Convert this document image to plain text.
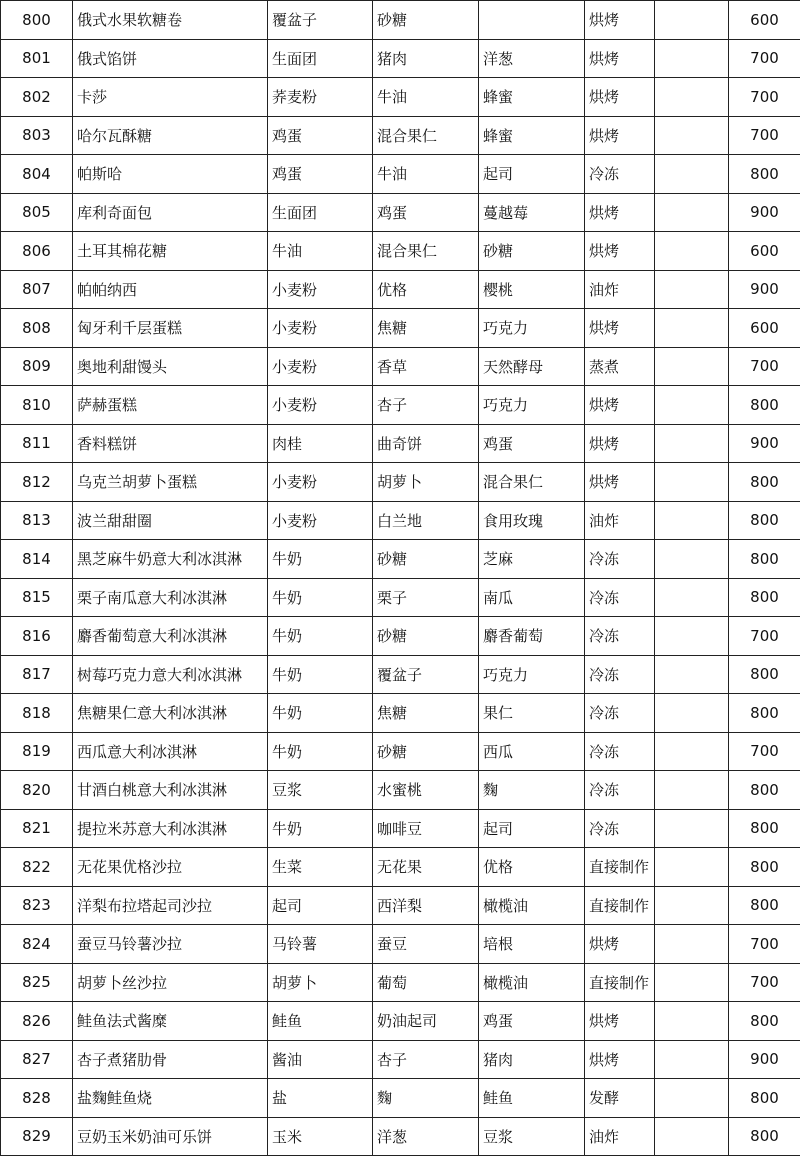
800	俄式水果软糖卷	覆盆子	砂糖		烘烤		600
801	俄式馅饼	生面团	猪肉	洋葱	烘烤		700
802	卡莎	荞麦粉	牛油	蜂蜜	烘烤		700
803	哈尔瓦酥糖	鸡蛋	混合果仁	蜂蜜	烘烤		700
804	帕斯哈	鸡蛋	牛油	起司	冷冻		800
805	库利奇面包	生面团	鸡蛋	蔓越莓	烘烤		900
806	土耳其棉花糖	牛油	混合果仁	砂糖	烘烤		600
807	帕帕纳西	小麦粉	优格	樱桃	油炸		900
808	匈牙利千层蛋糕	小麦粉	焦糖	巧克力	烘烤		600
809	奥地利甜馒头	小麦粉	香草	天然酵母	蒸煮		700
810	萨赫蛋糕	小麦粉	杏子	巧克力	烘烤		800
811	香料糕饼	肉桂	曲奇饼	鸡蛋	烘烤		900
812	乌克兰胡萝卜蛋糕	小麦粉	胡萝卜	混合果仁	烘烤		800
813	波兰甜甜圈	小麦粉	白兰地	食用玫瑰	油炸		800
814	黑芝麻牛奶意大利冰淇淋	牛奶	砂糖	芝麻	冷冻		800
815	栗子南瓜意大利冰淇淋	牛奶	栗子	南瓜	冷冻		800
816	麝香葡萄意大利冰淇淋	牛奶	砂糖	麝香葡萄	冷冻		700
817	树莓巧克力意大利冰淇淋	牛奶	覆盆子	巧克力	冷冻		800
818	焦糖果仁意大利冰淇淋	牛奶	焦糖	果仁	冷冻		800
819	西瓜意大利冰淇淋	牛奶	砂糖	西瓜	冷冻		700
820	甘酒白桃意大利冰淇淋	豆浆	水蜜桃	麴	冷冻		800
821	提拉米苏意大利冰淇淋	牛奶	咖啡豆	起司	冷冻		800
822	无花果优格沙拉	生菜	无花果	优格	直接制作		800
823	洋梨布拉塔起司沙拉	起司	西洋梨	橄榄油	直接制作		800
824	蚕豆马铃薯沙拉	马铃薯	蚕豆	培根	烘烤		700
825	胡萝卜丝沙拉	胡萝卜	葡萄	橄榄油	直接制作		700
826	鲑鱼法式酱糜	鲑鱼	奶油起司	鸡蛋	烘烤		800
827	杏子煮猪肋骨	酱油	杏子	猪肉	烘烤		900
828	盐麴鲑鱼烧	盐	麴	鲑鱼	发酵		800
829	豆奶玉米奶油可乐饼	玉米	洋葱	豆浆	油炸		800
